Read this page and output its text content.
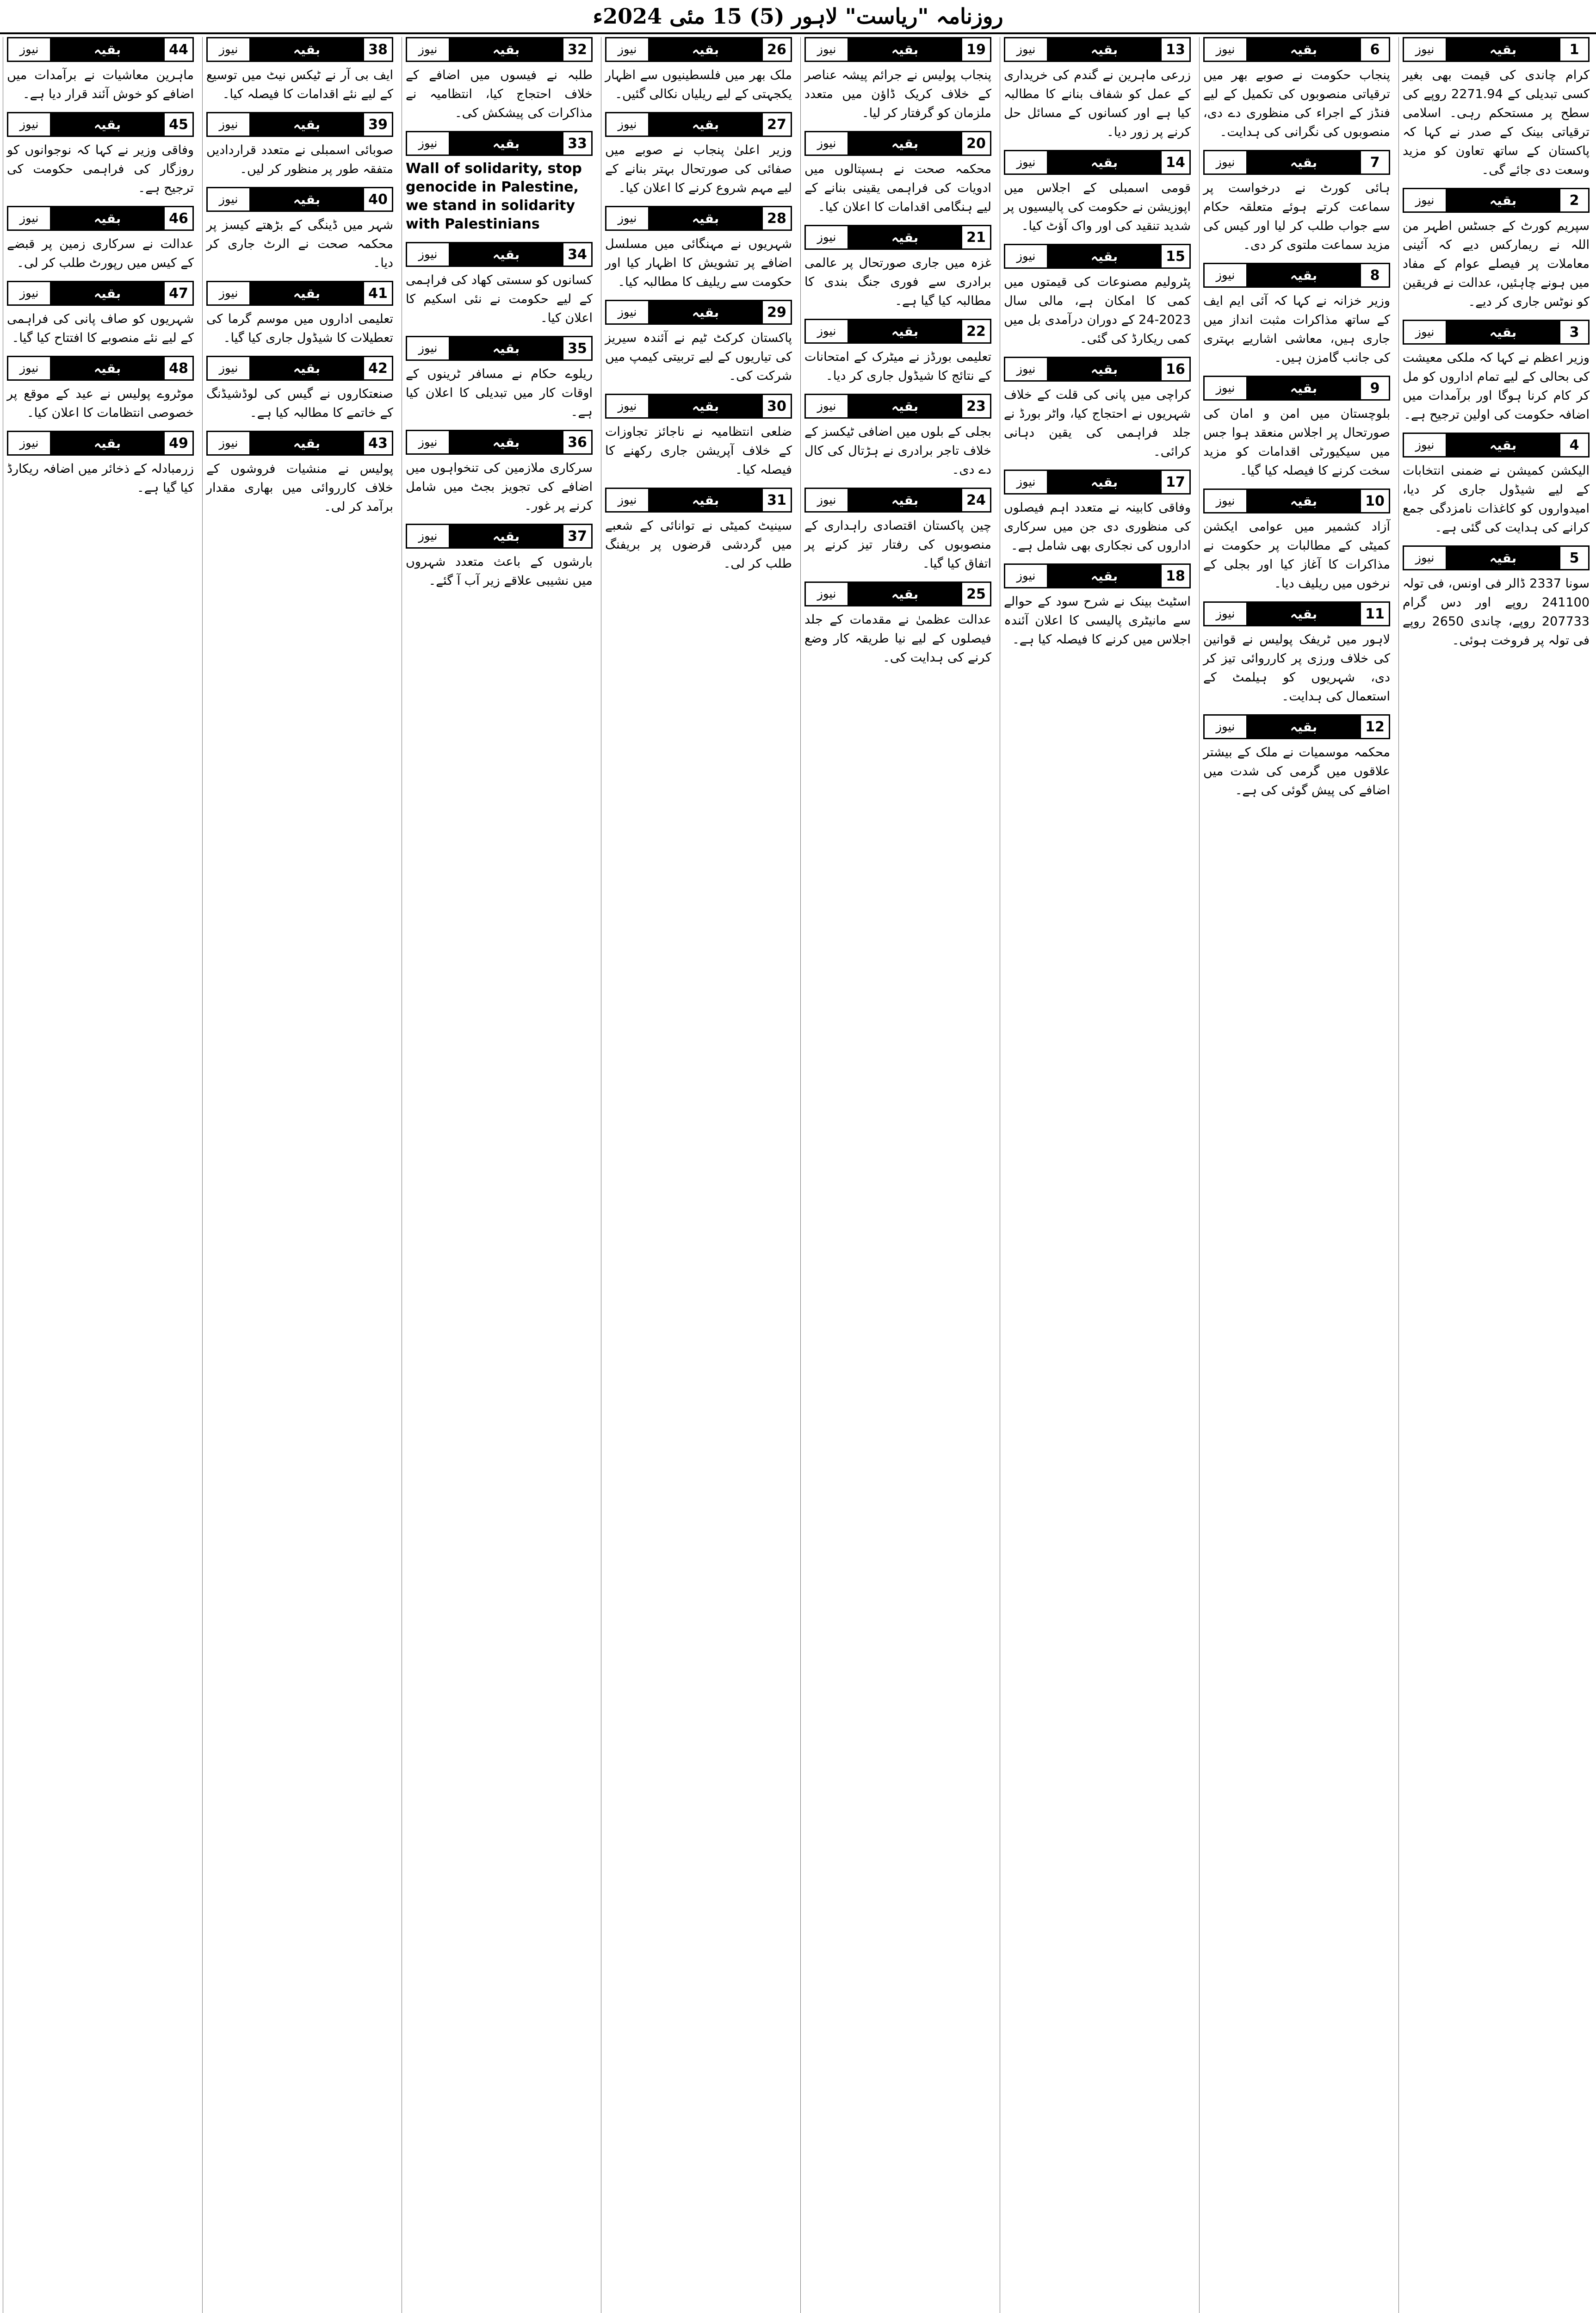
روزنامہ "ریاست" لاہور (5) 15 مئی 2024ء
1
بقیہ
نیوز

کرام چاندی کی قیمت بھی بغیر کسی تبدیلی کے 2271.94 روپے کی سطح پر مستحکم رہی۔ اسلامی ترقیاتی بینک کے صدر نے کہا کہ پاکستان کے ساتھ تعاون کو مزید وسعت دی جائے گی۔

2
بقیہ
نیوز

سپریم کورٹ کے جسٹس اطہر من اللہ نے ریمارکس دیے کہ آئینی معاملات پر فیصلے عوام کے مفاد میں ہونے چاہئیں، عدالت نے فریقین کو نوٹس جاری کر دیے۔

3
بقیہ
نیوز

وزیر اعظم نے کہا کہ ملکی معیشت کی بحالی کے لیے تمام اداروں کو مل کر کام کرنا ہوگا اور برآمدات میں اضافہ حکومت کی اولین ترجیح ہے۔

4
بقیہ
نیوز

الیکشن کمیشن نے ضمنی انتخابات کے لیے شیڈول جاری کر دیا، امیدواروں کو کاغذات نامزدگی جمع کرانے کی ہدایت کی گئی ہے۔

5
بقیہ
نیوز

سونا 2337 ڈالر فی اونس، فی تولہ 241100 روپے اور دس گرام 207733 روپے، چاندی 2650 روپے فی تولہ پر فروخت ہوئی۔

6
بقیہ
نیوز

پنجاب حکومت نے صوبے بھر میں ترقیاتی منصوبوں کی تکمیل کے لیے فنڈز کے اجراء کی منظوری دے دی، منصوبوں کی نگرانی کی ہدایت۔

7
بقیہ
نیوز

ہائی کورٹ نے درخواست پر سماعت کرتے ہوئے متعلقہ حکام سے جواب طلب کر لیا اور کیس کی مزید سماعت ملتوی کر دی۔

8
بقیہ
نیوز

وزیر خزانہ نے کہا کہ آئی ایم ایف کے ساتھ مذاکرات مثبت انداز میں جاری ہیں، معاشی اشاریے بہتری کی جانب گامزن ہیں۔

9
بقیہ
نیوز

بلوچستان میں امن و امان کی صورتحال پر اجلاس منعقد ہوا جس میں سیکیورٹی اقدامات کو مزید سخت کرنے کا فیصلہ کیا گیا۔

10
بقیہ
نیوز

آزاد کشمیر میں عوامی ایکشن کمیٹی کے مطالبات پر حکومت نے مذاکرات کا آغاز کیا اور بجلی کے نرخوں میں ریلیف دیا۔

11
بقیہ
نیوز

لاہور میں ٹریفک پولیس نے قوانین کی خلاف ورزی پر کارروائی تیز کر دی، شہریوں کو ہیلمٹ کے استعمال کی ہدایت۔

12
بقیہ
نیوز

محکمہ موسمیات نے ملک کے بیشتر علاقوں میں گرمی کی شدت میں اضافے کی پیش گوئی کی ہے۔

13
بقیہ
نیوز

زرعی ماہرین نے گندم کی خریداری کے عمل کو شفاف بنانے کا مطالبہ کیا ہے اور کسانوں کے مسائل حل کرنے پر زور دیا۔

14
بقیہ
نیوز

قومی اسمبلی کے اجلاس میں اپوزیشن نے حکومت کی پالیسیوں پر شدید تنقید کی اور واک آؤٹ کیا۔

15
بقیہ
نیوز

پٹرولیم مصنوعات کی قیمتوں میں کمی کا امکان ہے، مالی سال 2023-24 کے دوران درآمدی بل میں کمی ریکارڈ کی گئی۔

16
بقیہ
نیوز

کراچی میں پانی کی قلت کے خلاف شہریوں نے احتجاج کیا، واٹر بورڈ نے جلد فراہمی کی یقین دہانی کرائی۔

17
بقیہ
نیوز

وفاقی کابینہ نے متعدد اہم فیصلوں کی منظوری دی جن میں سرکاری اداروں کی نجکاری بھی شامل ہے۔

18
بقیہ
نیوز

اسٹیٹ بینک نے شرح سود کے حوالے سے مانیٹری پالیسی کا اعلان آئندہ اجلاس میں کرنے کا فیصلہ کیا ہے۔

19
بقیہ
نیوز

پنجاب پولیس نے جرائم پیشہ عناصر کے خلاف کریک ڈاؤن میں متعدد ملزمان کو گرفتار کر لیا۔

20
بقیہ
نیوز

محکمہ صحت نے ہسپتالوں میں ادویات کی فراہمی یقینی بنانے کے لیے ہنگامی اقدامات کا اعلان کیا۔

21
بقیہ
نیوز

غزہ میں جاری صورتحال پر عالمی برادری سے فوری جنگ بندی کا مطالبہ کیا گیا ہے۔

22
بقیہ
نیوز

تعلیمی بورڈز نے میٹرک کے امتحانات کے نتائج کا شیڈول جاری کر دیا۔

23
بقیہ
نیوز

بجلی کے بلوں میں اضافی ٹیکسز کے خلاف تاجر برادری نے ہڑتال کی کال دے دی۔

24
بقیہ
نیوز

چین پاکستان اقتصادی راہداری کے منصوبوں کی رفتار تیز کرنے پر اتفاق کیا گیا۔

25
بقیہ
نیوز

عدالت عظمیٰ نے مقدمات کے جلد فیصلوں کے لیے نیا طریقہ کار وضع کرنے کی ہدایت کی۔

26
بقیہ
نیوز

ملک بھر میں فلسطینیوں سے اظہار یکجہتی کے لیے ریلیاں نکالی گئیں۔

27
بقیہ
نیوز

وزیر اعلیٰ پنجاب نے صوبے میں صفائی کی صورتحال بہتر بنانے کے لیے مہم شروع کرنے کا اعلان کیا۔

28
بقیہ
نیوز

شہریوں نے مہنگائی میں مسلسل اضافے پر تشویش کا اظہار کیا اور حکومت سے ریلیف کا مطالبہ کیا۔

29
بقیہ
نیوز

پاکستان کرکٹ ٹیم نے آئندہ سیریز کی تیاریوں کے لیے تربیتی کیمپ میں شرکت کی۔

30
بقیہ
نیوز

ضلعی انتظامیہ نے ناجائز تجاوزات کے خلاف آپریشن جاری رکھنے کا فیصلہ کیا۔

31
بقیہ
نیوز

سینیٹ کمیٹی نے توانائی کے شعبے میں گردشی قرضوں پر بریفنگ طلب کر لی۔

32
بقیہ
نیوز

طلبہ نے فیسوں میں اضافے کے خلاف احتجاج کیا، انتظامیہ نے مذاکرات کی پیشکش کی۔

33
بقیہ
نیوز

Wall of solidarity, stop genocide in Palestine, we stand in solidarity with Palestinians

34
بقیہ
نیوز

کسانوں کو سستی کھاد کی فراہمی کے لیے حکومت نے نئی اسکیم کا اعلان کیا۔

35
بقیہ
نیوز

ریلوے حکام نے مسافر ٹرینوں کے اوقات کار میں تبدیلی کا اعلان کیا ہے۔

36
بقیہ
نیوز

سرکاری ملازمین کی تنخواہوں میں اضافے کی تجویز بجٹ میں شامل کرنے پر غور۔

37
بقیہ
نیوز

بارشوں کے باعث متعدد شہروں میں نشیبی علاقے زیر آب آ گئے۔

38
بقیہ
نیوز

ایف بی آر نے ٹیکس نیٹ میں توسیع کے لیے نئے اقدامات کا فیصلہ کیا۔

39
بقیہ
نیوز

صوبائی اسمبلی نے متعدد قراردادیں متفقہ طور پر منظور کر لیں۔

40
بقیہ
نیوز

شہر میں ڈینگی کے بڑھتے کیسز پر محکمہ صحت نے الرٹ جاری کر دیا۔

41
بقیہ
نیوز

تعلیمی اداروں میں موسم گرما کی تعطیلات کا شیڈول جاری کیا گیا۔

42
بقیہ
نیوز

صنعتکاروں نے گیس کی لوڈشیڈنگ کے خاتمے کا مطالبہ کیا ہے۔

43
بقیہ
نیوز

پولیس نے منشیات فروشوں کے خلاف کارروائی میں بھاری مقدار برآمد کر لی۔

44
بقیہ
نیوز

ماہرین معاشیات نے برآمدات میں اضافے کو خوش آئند قرار دیا ہے۔

45
بقیہ
نیوز

وفاقی وزیر نے کہا کہ نوجوانوں کو روزگار کی فراہمی حکومت کی ترجیح ہے۔

46
بقیہ
نیوز

عدالت نے سرکاری زمین پر قبضے کے کیس میں رپورٹ طلب کر لی۔

47
بقیہ
نیوز

شہریوں کو صاف پانی کی فراہمی کے لیے نئے منصوبے کا افتتاح کیا گیا۔

48
بقیہ
نیوز

موٹروے پولیس نے عید کے موقع پر خصوصی انتظامات کا اعلان کیا۔

49
بقیہ
نیوز

زرمبادلہ کے ذخائر میں اضافہ ریکارڈ کیا گیا ہے۔
